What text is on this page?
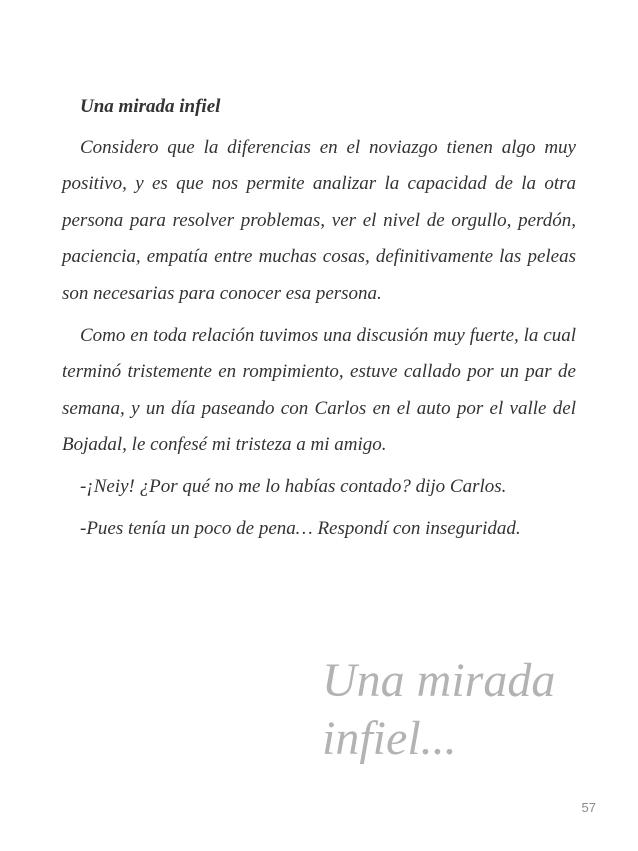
Una mirada infiel

Considero que la diferencias en el noviazgo tienen algo muy positivo, y es que nos permite analizar la capacidad de la otra persona para resolver problemas, ver el nivel de orgullo, perdón, paciencia, empatía entre muchas cosas, definitivamente las peleas son necesarias para conocer esa persona.

Como en toda relación tuvimos una discusión muy fuerte, la cual terminó tristemente en rompimiento, estuve callado por un par de semana, y un día paseando con Carlos en el auto por el valle del Bojadal, le confesé mi tristeza a mi amigo.

-¡Neiy! ¿Por qué no me lo habías contado? dijo Carlos.

-Pues tenía un poco de pena… Respondí con inseguridad.

Una mirada
infiel...
57
